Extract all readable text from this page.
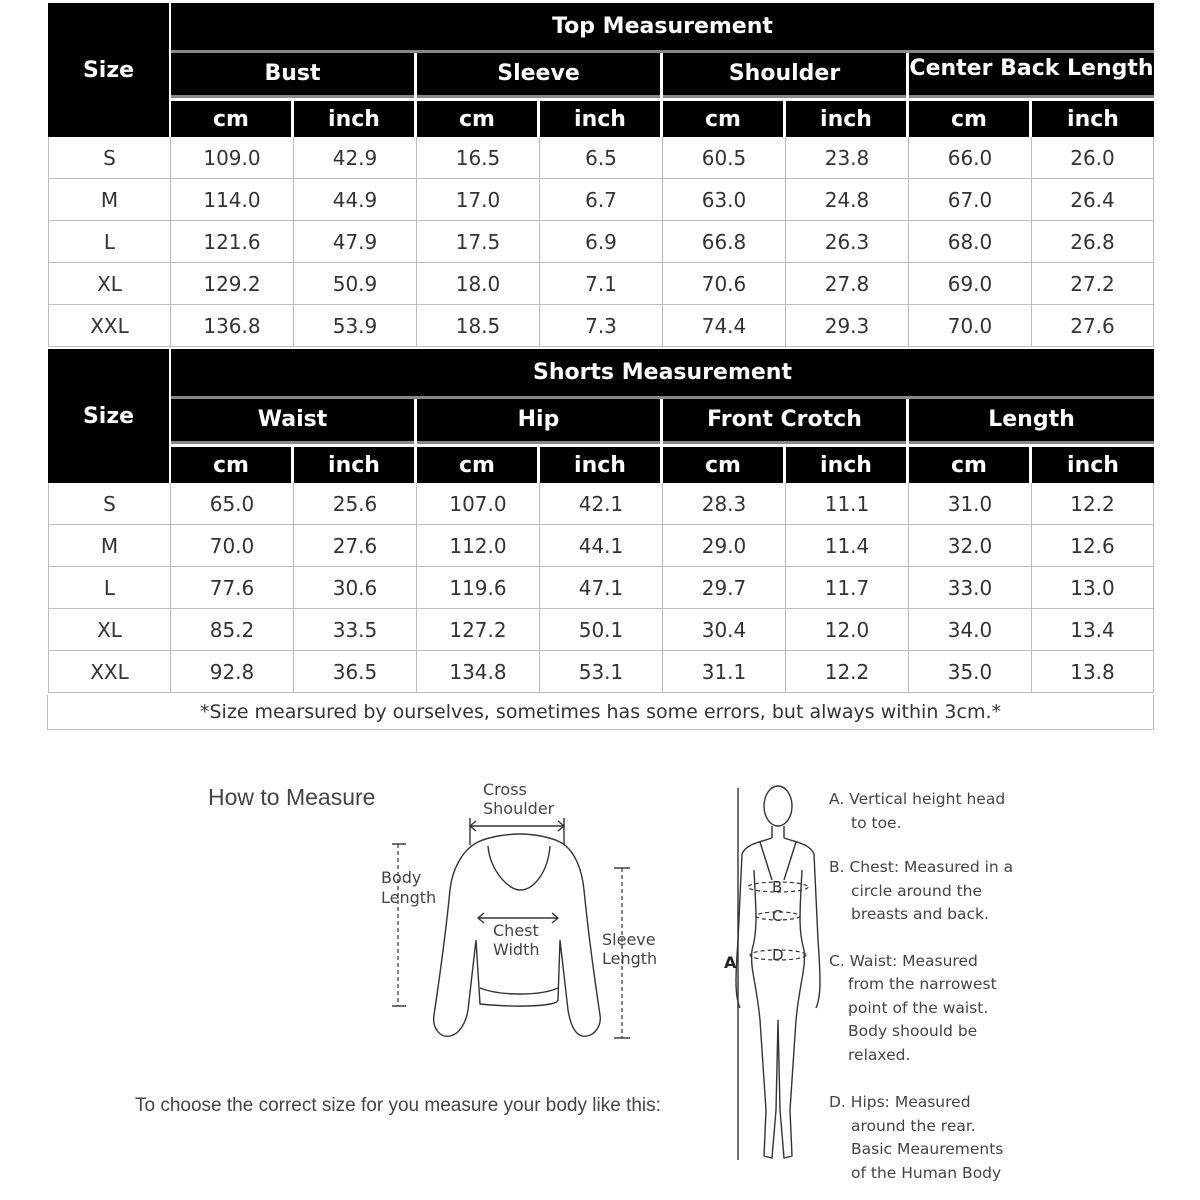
Size
Top Measurement
Bust	Sleeve	Shoulder	Center Back Length
cm	inch	cm	inch	cm	inch	cm	inch
S	109.0	42.9	16.5	6.5	60.5	23.8	66.0	26.0
M	114.0	44.9	17.0	6.7	63.0	24.8	67.0	26.4
L	121.6	47.9	17.5	6.9	66.8	26.3	68.0	26.8
XL	129.2	50.9	18.0	7.1	70.6	27.8	69.0	27.2
XXL	136.8	53.9	18.5	7.3	74.4	29.3	70.0	27.6
Size
Shorts Measurement
Waist	Hip	Front Crotch	Length
cm	inch	cm	inch	cm	inch	cm	inch
S	65.0	25.6	107.0	42.1	28.3	11.1	31.0	12.2
M	70.0	27.6	112.0	44.1	29.0	11.4	32.0	12.6
L	77.6	30.6	119.6	47.1	29.7	11.7	33.0	13.0
XL	85.2	33.5	127.2	50.1	30.4	12.0	34.0	13.4
XXL	92.8	36.5	134.8	53.1	31.1	12.2	35.0	13.8
*Size mearsured by ourselves, sometimes has some errors, but always within 3cm.*
How to Measure	Cross
Shoulder
Body
Length
Chest
Width
Sleeve
Length
To choose the correct size for you measure your body like this:
A
B
C
D
A. Vertical height head
to toe.
B. Chest: Measured in a
circle around the
breasts and back.
C. Waist: Measured
from the narrowest
point of the waist.
Body shoould be
relaxed.
D. Hips: Measured
around the rear.
Basic Meaurements
of the Human Body
